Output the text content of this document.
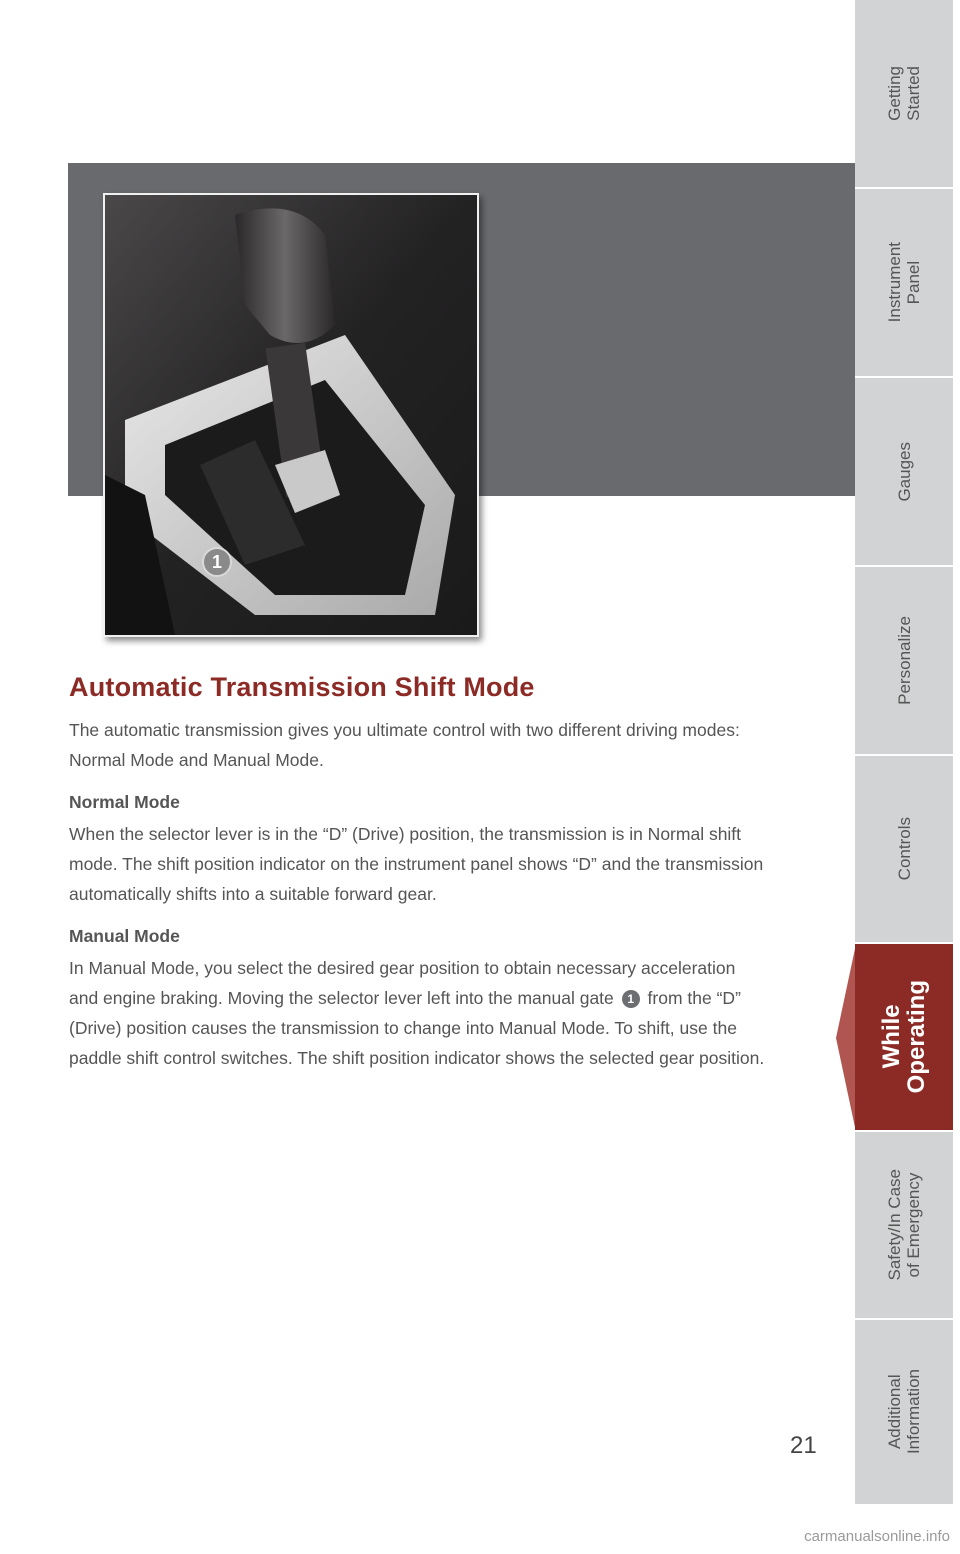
1
Automatic Transmission Shift Mode

The automatic transmission gives you ultimate control with two different driving modes: Normal Mode and Manual Mode.

Normal Mode

When the selector lever is in the “D” (Drive) position, the transmission is in Normal shift mode. The shift position indicator on the instrument panel shows “D” and the transmission automatically shifts into a suitable forward gear.

Manual Mode

In Manual Mode, you select the desired gear position to obtain necessary acceleration and engine braking. Moving the selector lever left into the manual gate 1 from the “D” (Drive) position causes the transmission to change into Manual Mode. To shift, use the paddle shift control switches. The shift position indicator shows the selected gear position.

21
Getting
Started
Instrument
Panel
Gauges
Personalize
Controls
While
Operating
Safety/In Case
of Emergency
Additional
Information
carmanualsonline.info
